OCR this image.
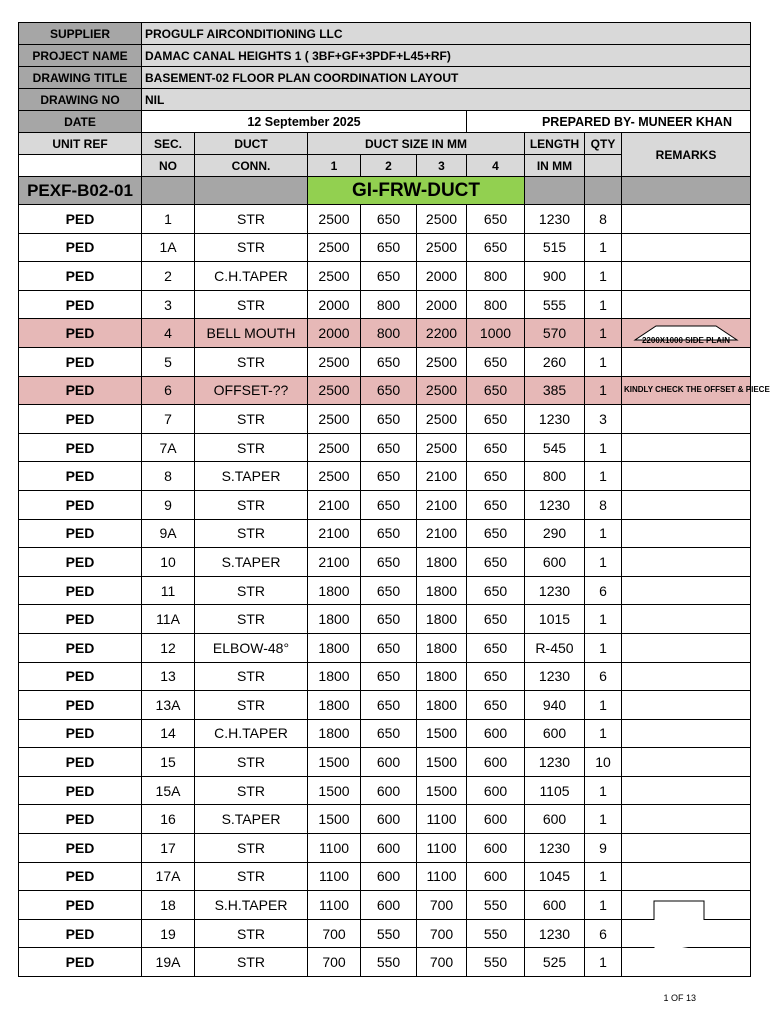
SUPPLIER	PROGULF AIRCONDITIONING LLC								
PROJECT NAME	DAMAC CANAL HEIGHTS 1 ( 3BF+GF+3PDF+L45+RF)								
DRAWING TITLE	BASEMENT-02 FLOOR PLAN COORDINATION LAYOUT								
DRAWING NO	NIL								
DATE	12 September 2025					PREPARED BY- MUNEER KHAN			
UNIT REF	SEC.	DUCT	DUCT SIZE IN MM				LENGTH	QTY	REMARKS
	NO	CONN.	1	2	3	4	IN MM		
PEXF-B02-01			GI-FRW-DUCT						
PED	1	STR	2500	650	2500	650	1230	8	
PED	1A	STR	2500	650	2500	650	515	1	
PED	2	C.H.TAPER	2500	650	2000	800	900	1	
PED	3	STR	2000	800	2000	800	555	1	
PED	4	BELL MOUTH	2000	800	2200	1000	570	1	2200X1000 SIDE PLAIN

PED	5	STR	2500	650	2500	650	260	1	
PED	6	OFFSET-??	2500	650	2500	650	385	1	KINDLY CHECK THE OFFSET & PIECE

PED	7	STR	2500	650	2500	650	1230	3	
PED	7A	STR	2500	650	2500	650	545	1	
PED	8	S.TAPER	2500	650	2100	650	800	1	
PED	9	STR	2100	650	2100	650	1230	8	
PED	9A	STR	2100	650	2100	650	290	1	
PED	10	S.TAPER	2100	650	1800	650	600	1	
PED	11	STR	1800	650	1800	650	1230	6	
PED	11A	STR	1800	650	1800	650	1015	1	
PED	12	ELBOW-48°	1800	650	1800	650	R-450	1	
PED	13	STR	1800	650	1800	650	1230	6	
PED	13A	STR	1800	650	1800	650	940	1	
PED	14	C.H.TAPER	1800	650	1500	600	600	1	
PED	15	STR	1500	600	1500	600	1230	10	
PED	15A	STR	1500	600	1500	600	1105	1	
PED	16	S.TAPER	1500	600	1100	600	600	1	
PED	17	STR	1100	600	1100	600	1230	9	
PED	17A	STR	1100	600	1100	600	1045	1	
PED	18	S.H.TAPER	1100	600	700	550	600	1	

PED	19	STR	700	550	700	550	1230	6	
PED	19A	STR	700	550	700	550	525	1	
1 OF 13
